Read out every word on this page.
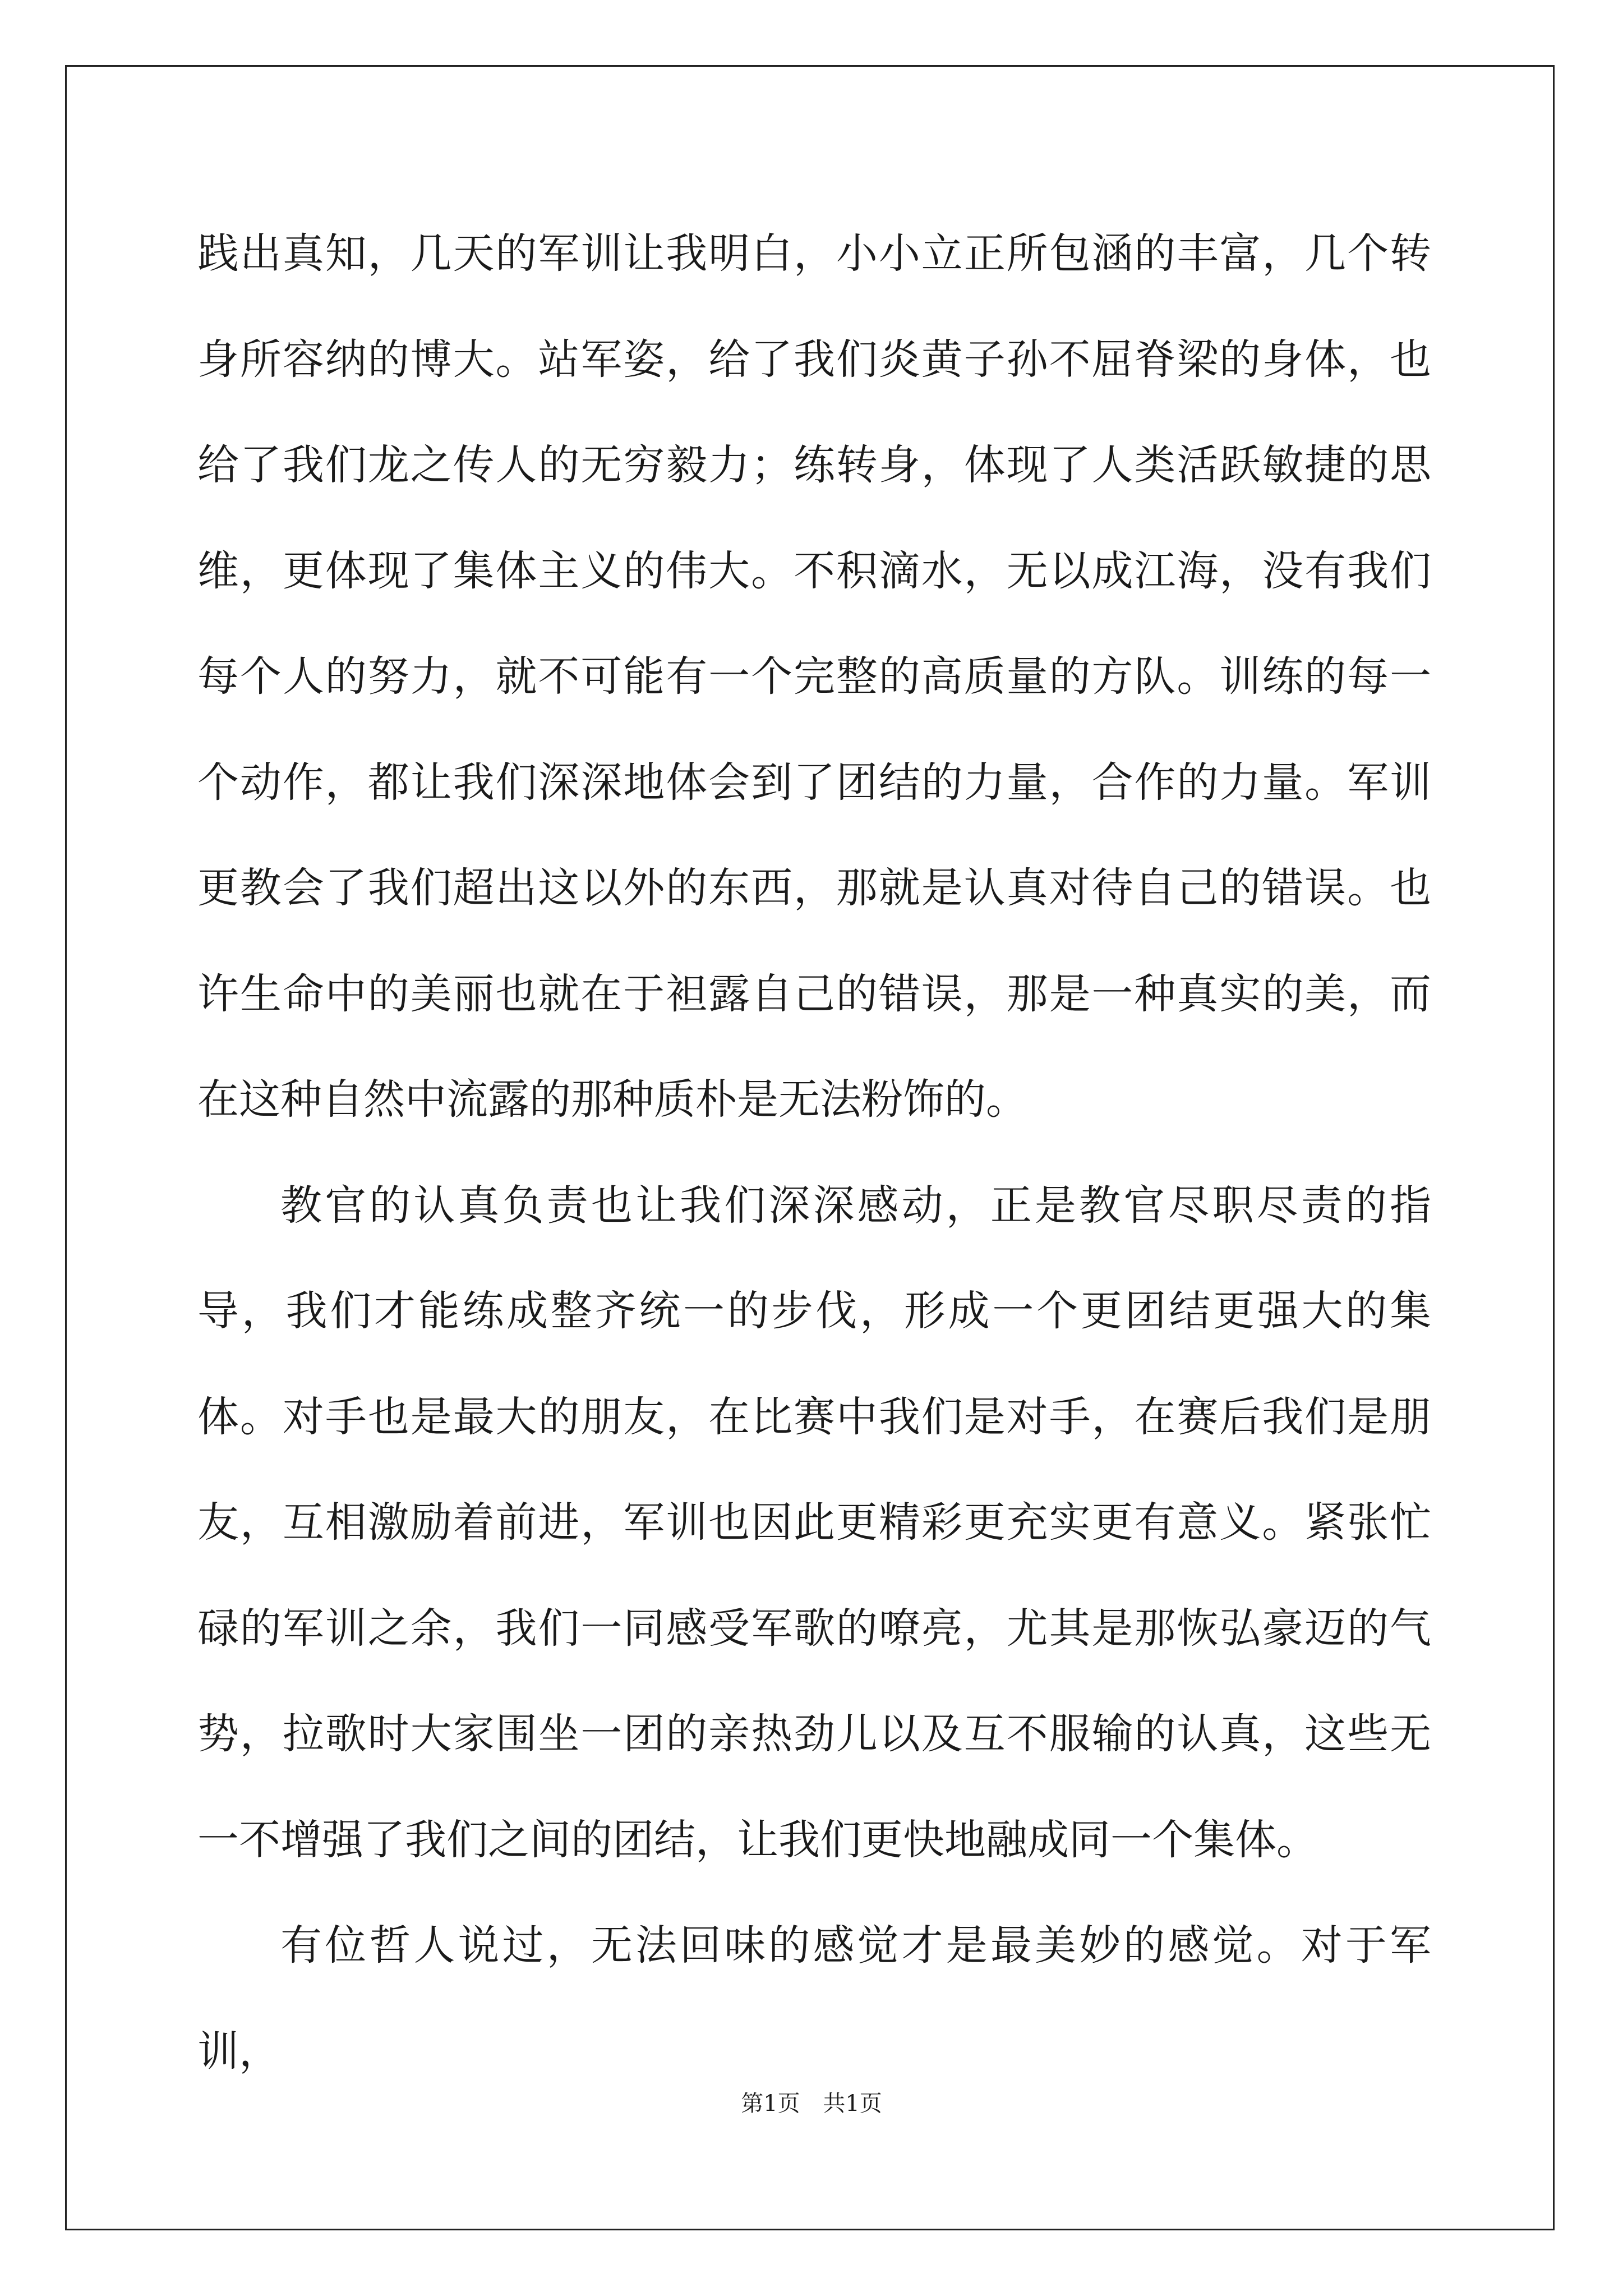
践出真知，几天的军训让我明白，小小立正所包涵的丰富，几个转身所容纳的博大。站军姿，给了我们炎黄子孙不屈脊梁的身体，也给了我们龙之传人的无穷毅力；练转身，体现了人类活跃敏捷的思维，更体现了集体主义的伟大。不积滴水，无以成江海，没有我们每个人的努力，就不可能有一个完整的高质量的方队。训练的每一个动作，都让我们深深地体会到了团结的力量，合作的力量。军训更教会了我们超出这以外的东西，那就是认真对待自己的错误。也许生命中的美丽也就在于袒露自己的错误，那是一种真实的美，而在这种自然中流露的那种质朴是无法粉饰的。

教官的认真负责也让我们深深感动，正是教官尽职尽责的指导，我们才能练成整齐统一的步伐，形成一个更团结更强大的集体。对手也是最大的朋友，在比赛中我们是对手，在赛后我们是朋友，互相激励着前进，军训也因此更精彩更充实更有意义。紧张忙碌的军训之余，我们一同感受军歌的嘹亮，尤其是那恢弘豪迈的气势，拉歌时大家围坐一团的亲热劲儿以及互不服输的认真，这些无一不增强了我们之间的团结，让我们更快地融成同一个集体。

有位哲人说过，无法回味的感觉才是最美妙的感觉。对于军训，

第1页 共1页
